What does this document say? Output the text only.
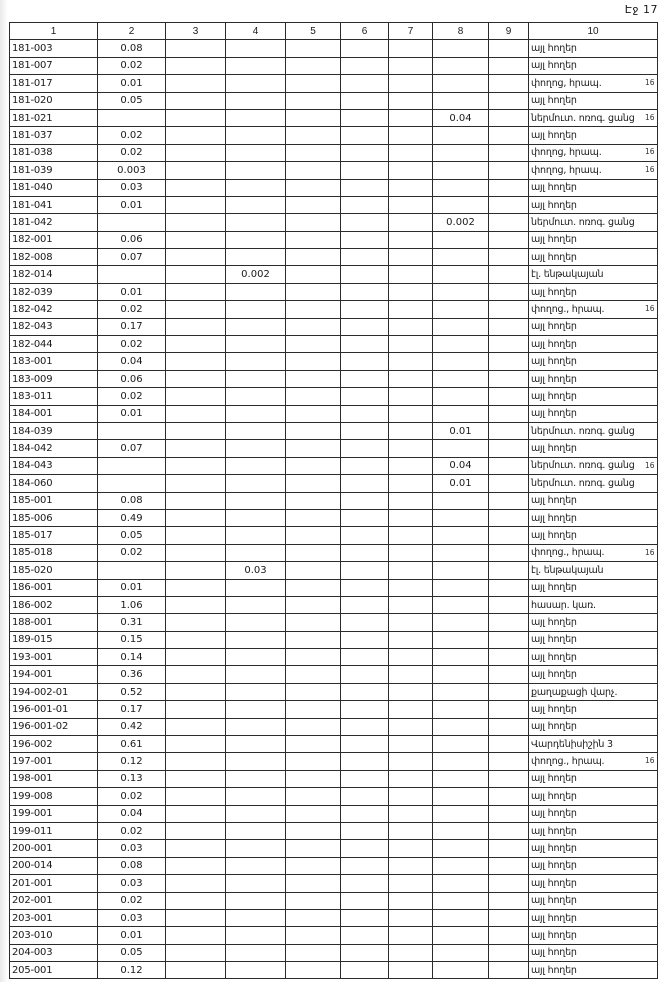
Էջ 17
1	2	3	4	5	6	7	8	9	10
181-003	0.08								այլ հողեր
181-007	0.02								այլ հողեր
181-017	0.01								փողոց, հրապ.
181-020	0.05								այլ հողեր
181-021							0.04		ներմուտ. ոռոգ. ցանց
181-037	0.02								այլ հողեր
181-038	0.02								փողոց, հրապ.
181-039	0.003								փողոց, հրապ.
181-040	0.03								այլ հողեր
181-041	0.01								այլ հողեր
181-042							0.002		ներմուտ. ոռոգ. ցանց
182-001	0.06								այլ հողեր
182-008	0.07								այլ հողեր
182-014			0.002						էլ. ենթակայան
182-039	0.01								այլ հողեր
182-042	0.02								փողոց., հրապ.
182-043	0.17								այլ հողեր
182-044	0.02								այլ հողեր
183-001	0.04								այլ հողեր
183-009	0.06								այլ հողեր
183-011	0.02								այլ հողեր
184-001	0.01								այլ հողեր
184-039							0.01		ներմուտ. ոռոգ. ցանց
184-042	0.07								այլ հողեր
184-043							0.04		ներմուտ. ոռոգ. ցանց
184-060							0.01		ներմուտ. ոռոգ. ցանց
185-001	0.08								այլ հողեր
185-006	0.49								այլ հողեր
185-017	0.05								այլ հողեր
185-018	0.02								փողոց., հրապ.
185-020			0.03						էլ. ենթակայան
186-001	0.01								այլ հողեր
186-002	1.06								հասար. կառ.
188-001	0.31								այլ հողեր
189-015	0.15								այլ հողեր
193-001	0.14								այլ հողեր
194-001	0.36								այլ հողեր
194-002-01	0.52								քաղաքացի վարչ.
196-001-01	0.17								այլ հողեր
196-001-02	0.42								այլ հողեր
196-002	0.61								Վարդենիսիշին 3
197-001	0.12								փողոց., հրապ.
198-001	0.13								այլ հողեր
199-008	0.02								այլ հողեր
199-001	0.04								այլ հողեր
199-011	0.02								այլ հողեր
200-001	0.03								այլ հողեր
200-014	0.08								այլ հողեր
201-001	0.03								այլ հողեր
202-001	0.02								այլ հողեր
203-001	0.03								այլ հողեր
203-010	0.01								այլ հողեր
204-003	0.05								այլ հողեր
205-001	0.12								այլ հողեր
16
16
16
16
16
16
16
16
